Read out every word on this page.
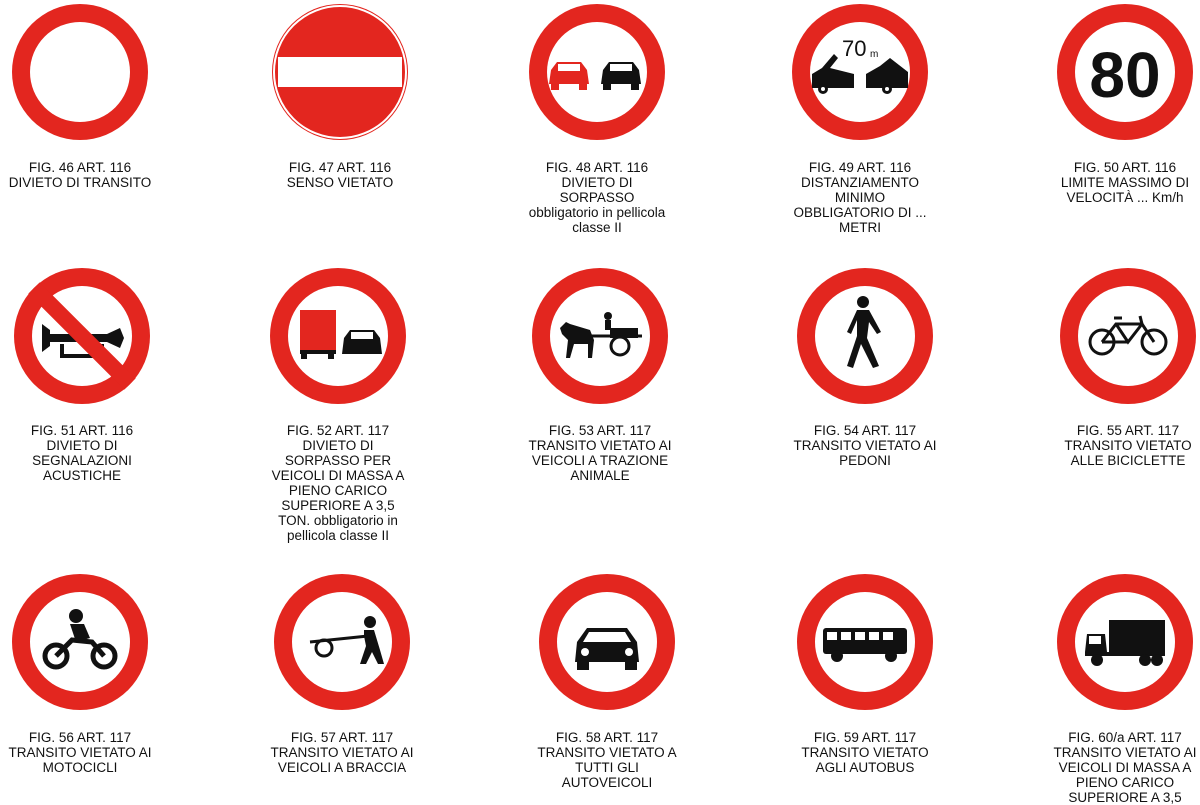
FIG. 46 ART. 116
DIVIETO DI TRANSITO
FIG. 47 ART. 116
SENSO VIETATO
FIG. 48 ART. 116
DIVIETO DI
SORPASSO
obbligatorio in pellicola
classe II
70 m
FIG. 49 ART. 116
DISTANZIAMENTO
MINIMO
OBBLIGATORIO DI ...
METRI
80
FIG. 50 ART. 116
LIMITE MASSIMO DI
VELOCITÀ ... Km/h
FIG. 51 ART. 116
DIVIETO DI
SEGNALAZIONI
ACUSTICHE
FIG. 52 ART. 117
DIVIETO DI
SORPASSO PER
VEICOLI DI MASSA A
PIENO CARICO
SUPERIORE A 3,5
TON. obbligatorio in
pellicola classe II
FIG. 53 ART. 117
TRANSITO VIETATO AI
VEICOLI A TRAZIONE
ANIMALE
FIG. 54 ART. 117
TRANSITO VIETATO AI
PEDONI
FIG. 55 ART. 117
TRANSITO VIETATO
ALLE BICICLETTE
FIG. 56 ART. 117
TRANSITO VIETATO AI
MOTOCICLI
FIG. 57 ART. 117
TRANSITO VIETATO AI
VEICOLI A BRACCIA
FIG. 58 ART. 117
TRANSITO VIETATO A
TUTTI GLI
AUTOVEICOLI
FIG. 59 ART. 117
TRANSITO VIETATO
AGLI AUTOBUS
FIG. 60/a ART. 117
TRANSITO VIETATO AI
VEICOLI DI MASSA A
PIENO CARICO
SUPERIORE A 3,5
